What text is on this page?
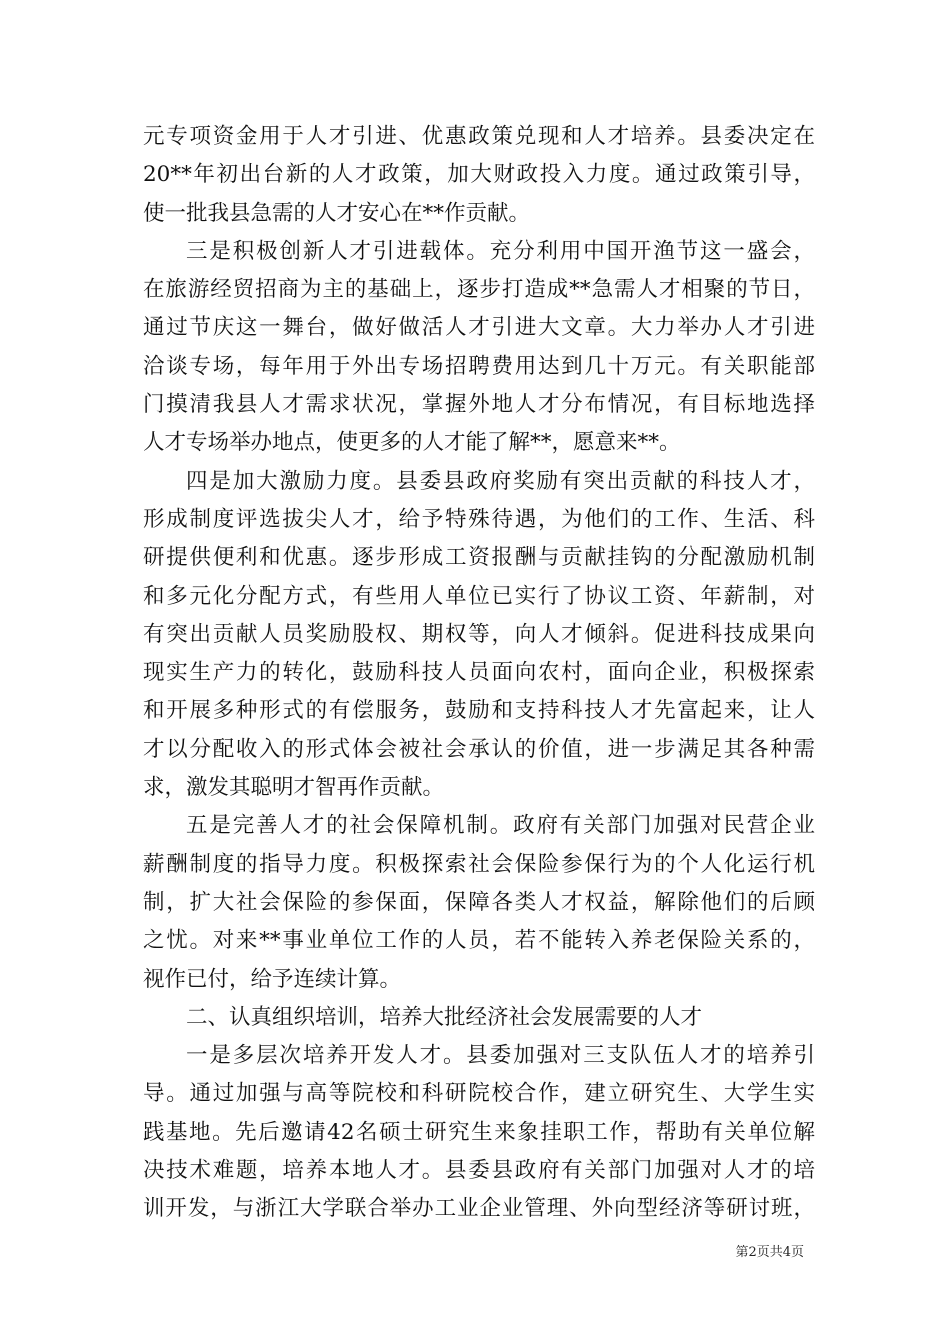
元专项资金用于人才引进、优惠政策兑现和人才培养。县委决定在
20**年初出台新的人才政策，加大财政投入力度。通过政策引导，
使一批我县急需的人才安心在**作贡献。
三是积极创新人才引进载体。充分利用中国开渔节这一盛会，
在旅游经贸招商为主的基础上，逐步打造成**急需人才相聚的节日，
通过节庆这一舞台，做好做活人才引进大文章。大力举办人才引进
洽谈专场，每年用于外出专场招聘费用达到几十万元。有关职能部
门摸清我县人才需求状况，掌握外地人才分布情况，有目标地选择
人才专场举办地点，使更多的人才能了解**，愿意来**。
四是加大激励力度。县委县政府奖励有突出贡献的科技人才，
形成制度评选拔尖人才，给予特殊待遇，为他们的工作、生活、科
研提供便利和优惠。逐步形成工资报酬与贡献挂钩的分配激励机制
和多元化分配方式，有些用人单位已实行了协议工资、年薪制，对
有突出贡献人员奖励股权、期权等，向人才倾斜。促进科技成果向
现实生产力的转化，鼓励科技人员面向农村，面向企业，积极探索
和开展多种形式的有偿服务，鼓励和支持科技人才先富起来，让人
才以分配收入的形式体会被社会承认的价值，进一步满足其各种需
求，激发其聪明才智再作贡献。
五是完善人才的社会保障机制。政府有关部门加强对民营企业
薪酬制度的指导力度。积极探索社会保险参保行为的个人化运行机
制，扩大社会保险的参保面，保障各类人才权益，解除他们的后顾
之忧。对来**事业单位工作的人员，若不能转入养老保险关系的，
视作已付，给予连续计算。
二、认真组织培训，培养大批经济社会发展需要的人才
一是多层次培养开发人才。县委加强对三支队伍人才的培养引
导。通过加强与高等院校和科研院校合作，建立研究生、大学生实
践基地。先后邀请42名硕士研究生来象挂职工作，帮助有关单位解
决技术难题，培养本地人才。县委县政府有关部门加强对人才的培
训开发，与浙江大学联合举办工业企业管理、外向型经济等研讨班，
第2页共4页
